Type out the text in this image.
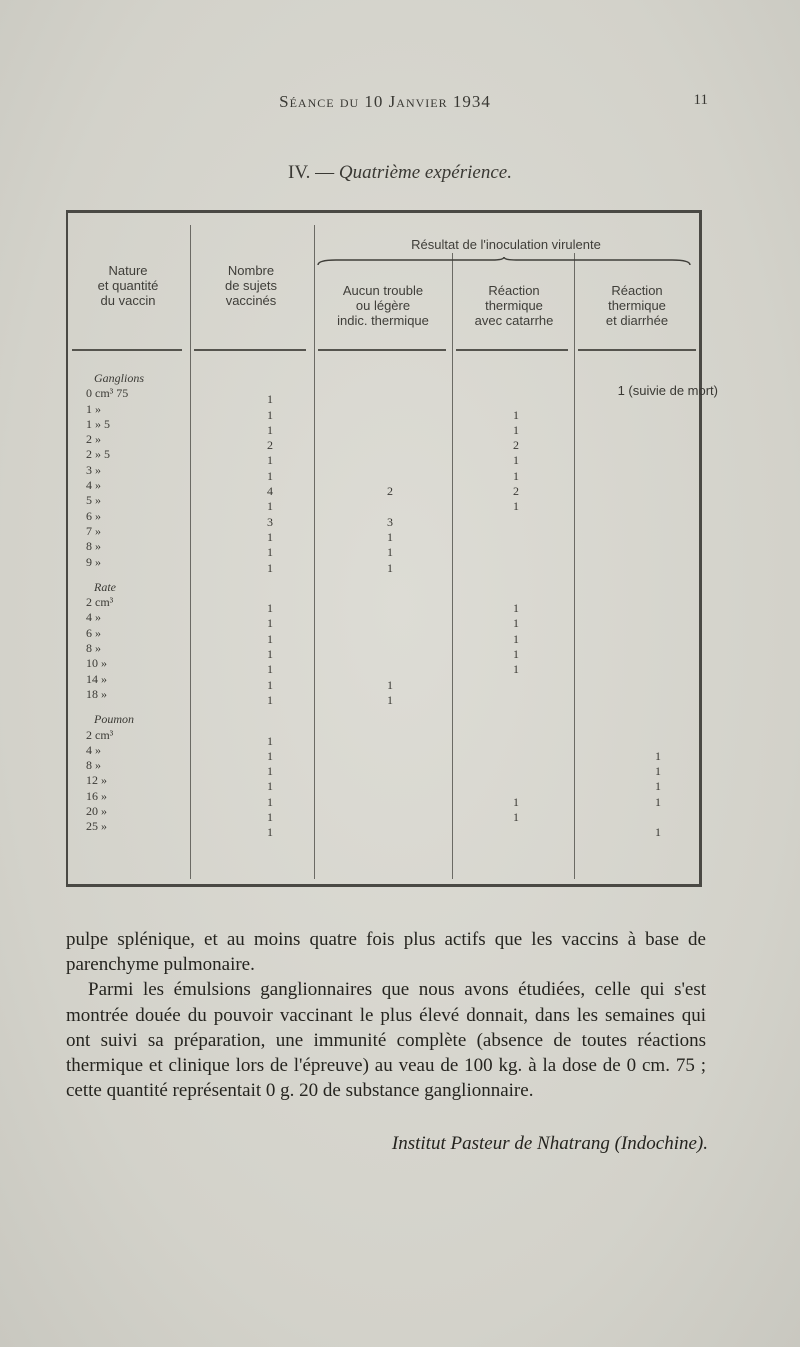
Séance du 10 Janvier 1934	11
IV. — Quatrième expérience.
Nature
et quantité
du vaccin
Nombre
de sujets
vaccinés
Résultat de l'inoculation virulente
Aucun trouble
ou légère
indic. thermique
Réaction
thermique
avec catarrhe
Réaction
thermique
et diarrhée
Ganglions
0 cm³ 75
1 »
1 » 5
2 »
2 » 5
3 »
4 »
5 »
6 »
7 »
8 »
9 »
Rate
2 cm³
4 »
6 »
8 »
10 »
14 »
18 »
Poumon
2 cm³
4 »
8 »
12 »
16 »
20 »
25 »
1
1
1
2
1
1
4
1
3
1
1
1
1
1
1
1
1
1
1
1
1
1
1
1
1
1
2
3
1
1
1
1
1
1
1
2
1
1
2
1
1
1
1
1
1
1
1
1 (suivie de mort)
1
1
1
1
1

pulpe splénique, et au moins quatre fois plus actifs que les vaccins à base de parenchyme pulmonaire.

Parmi les émulsions ganglionnaires que nous avons étudiées, celle qui s'est montrée douée du pouvoir vaccinant le plus élevé donnait, dans les semaines qui ont suivi sa préparation, une immunité complète (absence de toutes réactions thermique et clinique lors de l'épreuve) au veau de 100 kg. à la dose de 0 cm. 75 ; cette quantité représentait 0 g. 20 de substance ganglionnaire.

Institut Pasteur de Nhatrang (Indochine).
